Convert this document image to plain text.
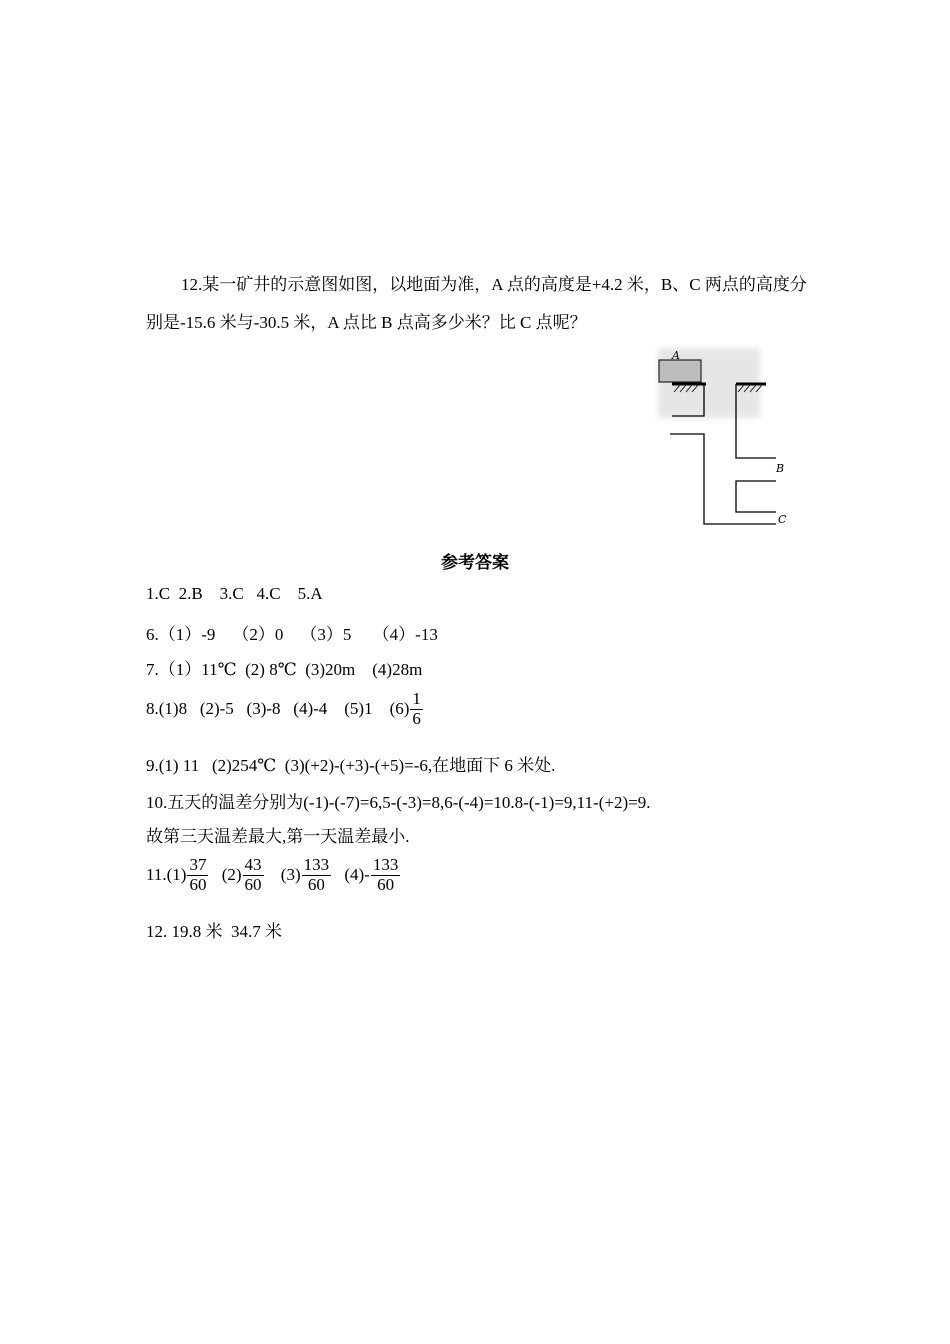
12.某一矿井的示意图如图，以地面为准，A 点的高度是+4.2 米，B、C 两点的高度分别是-15.6 米与-30.5 米，A 点比 B 点高多少米？比 C 点呢？
A
B
C
参考答案
1.C  2.B    3.C   4.C    5.A
6.（1）-9    （2）0    （3）5     （4）-13
7.（1）11℃  (2) 8℃  (3)20m    (4)28m
8.(1)8   (2)-5   (3)-8   (4)-4    (5)1    $(6) \frac{1}{6}$
9.(1) 11   (2)254℃  (3)(+2)-(+3)-(+5)=-6,在地面下 6 米处.
10.五天的温差分别为(-1)-(-7)=6,5-(-3)=8,6-(-4)=10.8-(-1)=9,11-(+2)=9.
故第三天温差最大,第一天温差最小.
$11.(1) \frac{37}{60} (2) \frac{43}{60} (3) \frac{133}{60} (4)- \frac{133}{60}$
12. 19.8 米  34.7 米
